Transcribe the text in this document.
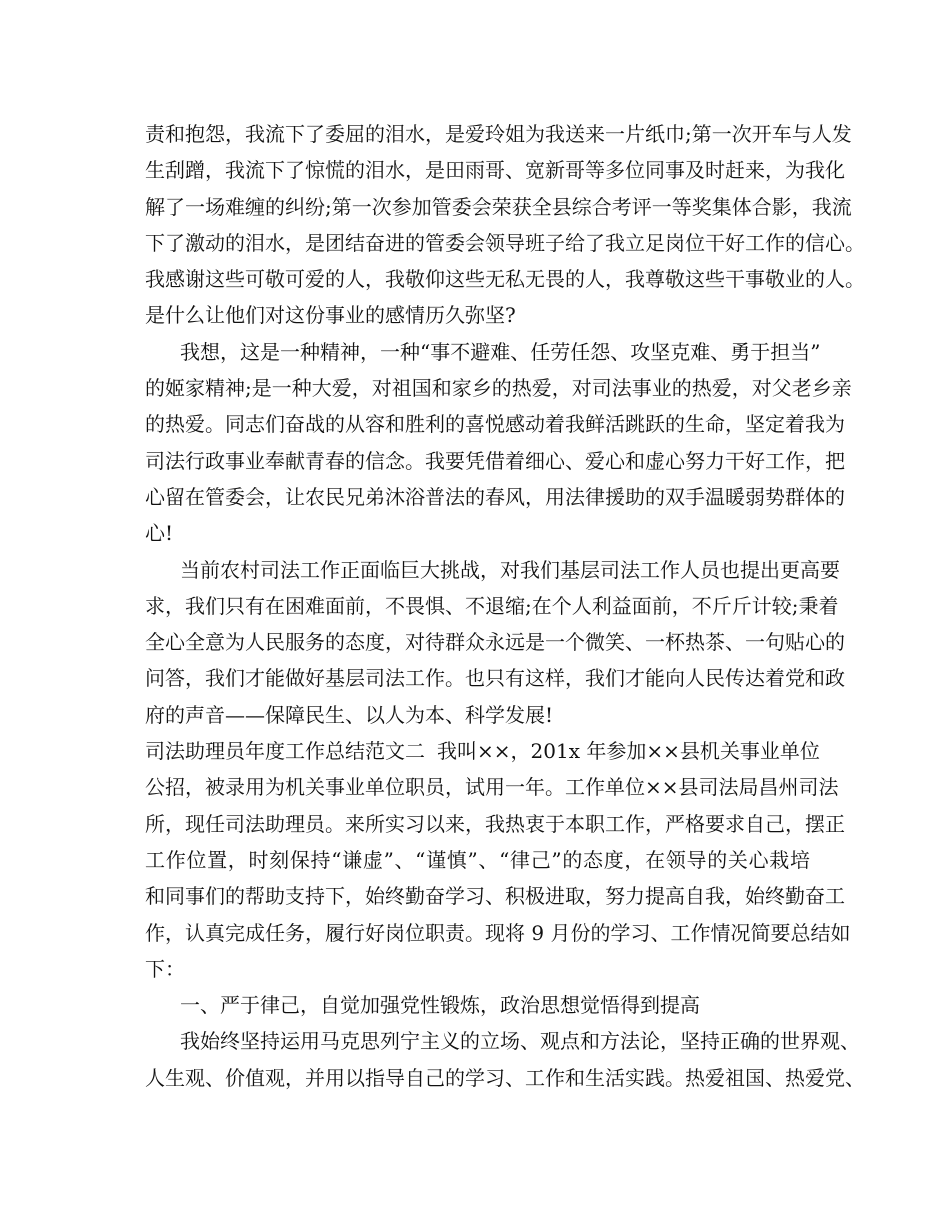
责和抱怨，我流下了委屈的泪水，是爱玲姐为我送来一片纸巾;第一次开车与人发
生刮蹭，我流下了惊慌的泪水，是田雨哥、宽新哥等多位同事及时赶来，为我化
解了一场难缠的纠纷;第一次参加管委会荣获全县综合考评一等奖集体合影，我流
下了激动的泪水，是团结奋进的管委会领导班子给了我立足岗位干好工作的信心。
我感谢这些可敬可爱的人，我敬仰这些无私无畏的人，我尊敬这些干事敬业的人。
是什么让他们对这份事业的感情历久弥坚?
我想，这是一种精神，一种“事不避难、任劳任怨、攻坚克难、勇于担当”
的姬家精神;是一种大爱，对祖国和家乡的热爱，对司法事业的热爱，对父老乡亲
的热爱。同志们奋战的从容和胜利的喜悦感动着我鲜活跳跃的生命，坚定着我为
司法行政事业奉献青春的信念。我要凭借着细心、爱心和虚心努力干好工作，把
心留在管委会，让农民兄弟沐浴普法的春风，用法律援助的双手温暖弱势群体的
心!
当前农村司法工作正面临巨大挑战，对我们基层司法工作人员也提出更高要
求，我们只有在困难面前，不畏惧、不退缩;在个人利益面前，不斤斤计较;秉着
全心全意为人民服务的态度，对待群众永远是一个微笑、一杯热茶、一句贴心的
问答，我们才能做好基层司法工作。也只有这样，我们才能向人民传达着党和政
府的声音——保障民生、以人为本、科学发展!
司法助理员年度工作总结范文二 我叫××，201x 年参加××县机关事业单位
公招，被录用为机关事业单位职员，试用一年。工作单位××县司法局昌州司法
所，现任司法助理员。来所实习以来，我热衷于本职工作，严格要求自己，摆正
工作位置，时刻保持“谦虚”、“谨慎”、“律己”的态度，在领导的关心栽培
和同事们的帮助支持下，始终勤奋学习、积极进取，努力提高自我，始终勤奋工
作，认真完成任务，履行好岗位职责。现将 9 月份的学习、工作情况简要总结如
下：
一、严于律己，自觉加强党性锻炼，政治思想觉悟得到提高
我始终坚持运用马克思列宁主义的立场、观点和方法论，坚持正确的世界观、
人生观、价值观，并用以指导自己的学习、工作和生活实践。热爱祖国、热爱党、
